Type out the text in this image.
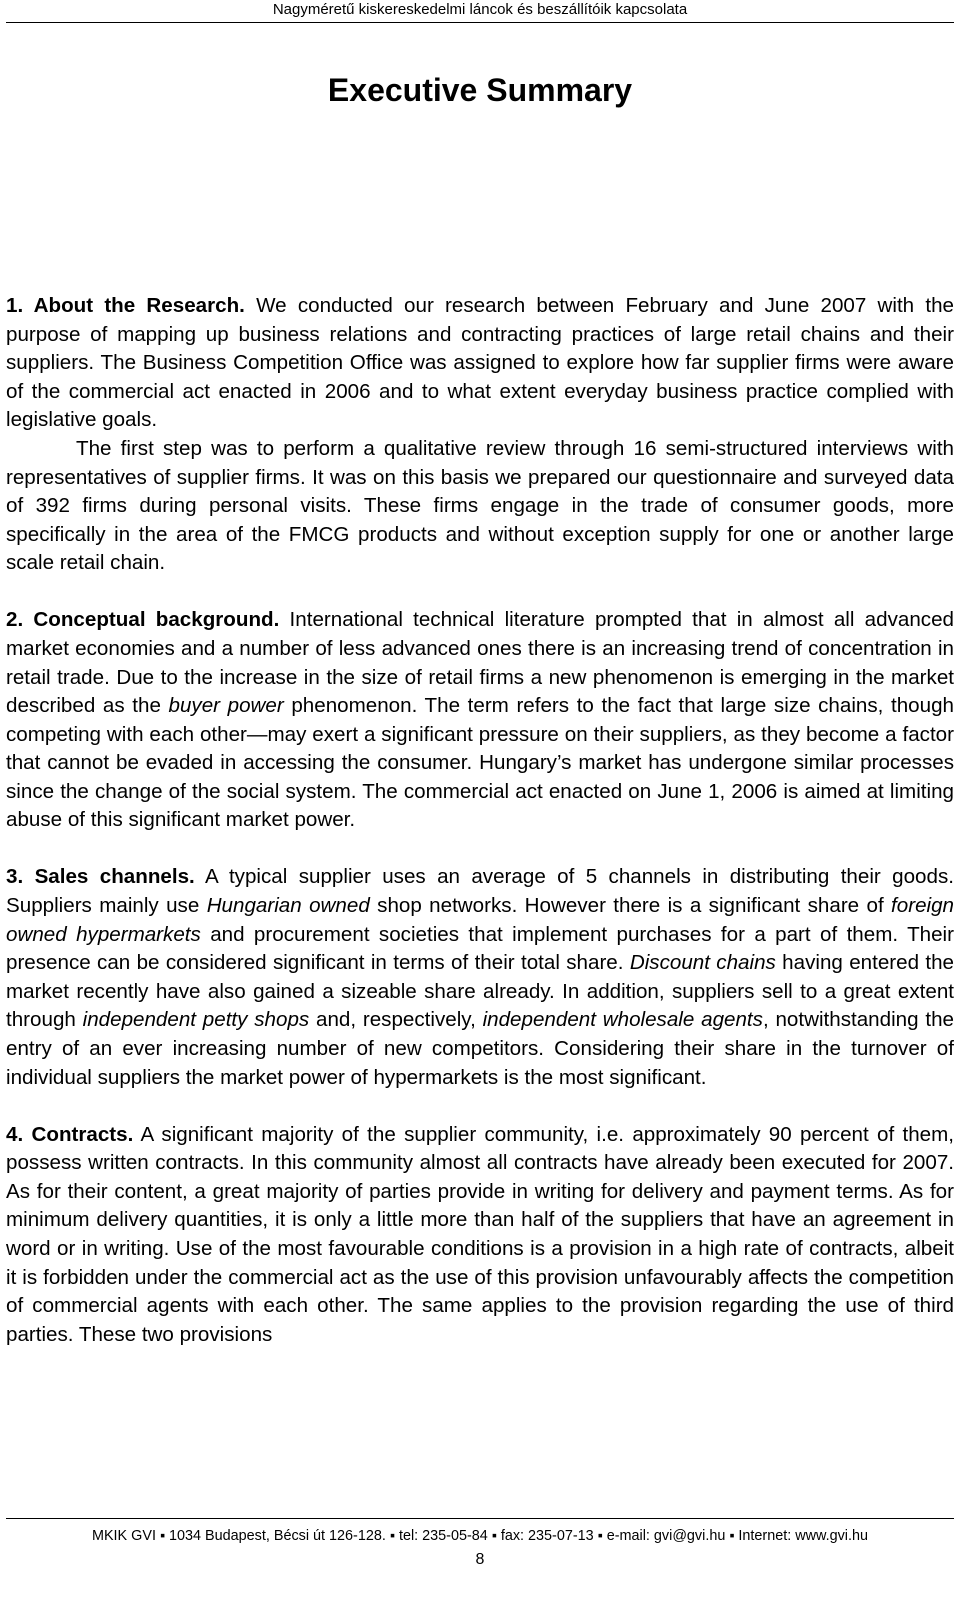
Nagyméretű kiskereskedelmi láncok és beszállítóik kapcsolata
Executive Summary

1. About the Research. We conducted our research between February and June 2007 with the purpose of mapping up business relations and contracting practices of large retail chains and their suppliers. The Business Competition Office was assigned to explore how far supplier firms were aware of the commercial act enacted in 2006 and to what extent everyday business practice complied with legislative goals.

The first step was to perform a qualitative review through 16 semi-structured interviews with representatives of supplier firms. It was on this basis we prepared our questionnaire and surveyed data of 392 firms during personal visits. These firms engage in the trade of consumer goods, more specifically in the area of the FMCG products and without exception supply for one or another large scale retail chain.

2. Conceptual background. International technical literature prompted that in almost all advanced market economies and a number of less advanced ones there is an increasing trend of concentration in retail trade. Due to the increase in the size of retail firms a new phenomenon is emerging in the market described as the buyer power phenomenon. The term refers to the fact that large size chains, though competing with each other—may exert a significant pressure on their suppliers, as they become a factor that cannot be evaded in accessing the consumer. Hungary’s market has undergone similar processes since the change of the social system. The commercial act enacted on June 1, 2006 is aimed at limiting abuse of this significant market power.

3. Sales channels. A typical supplier uses an average of 5 channels in distributing their goods. Suppliers mainly use Hungarian owned shop networks. However there is a significant share of foreign owned hypermarkets and procurement societies that implement purchases for a part of them. Their presence can be considered significant in terms of their total share. Discount chains having entered the market recently have also gained a sizeable share already. In addition, suppliers sell to a great extent through independent petty shops and, respectively, independent wholesale agents, notwithstanding the entry of an ever increasing number of new competitors. Considering their share in the turnover of individual suppliers the market power of hypermarkets is the most significant.

4. Contracts. A significant majority of the supplier community, i.e. approximately 90 percent of them, possess written contracts. In this community almost all contracts have already been executed for 2007. As for their content, a great majority of parties provide in writing for delivery and payment terms. As for minimum delivery quantities, it is only a little more than half of the suppliers that have an agreement in word or in writing. Use of the most favourable conditions is a provision in a high rate of contracts, albeit it is forbidden under the commercial act as the use of this provision unfavourably affects the competition of commercial agents with each other. The same applies to the provision regarding the use of third parties. These two provisions

MKIK GVI ▪ 1034 Budapest, Bécsi út 126-128. ▪ tel: 235-05-84 ▪ fax: 235-07-13 ▪ e-mail: gvi@gvi.hu ▪ Internet: www.gvi.hu
8
